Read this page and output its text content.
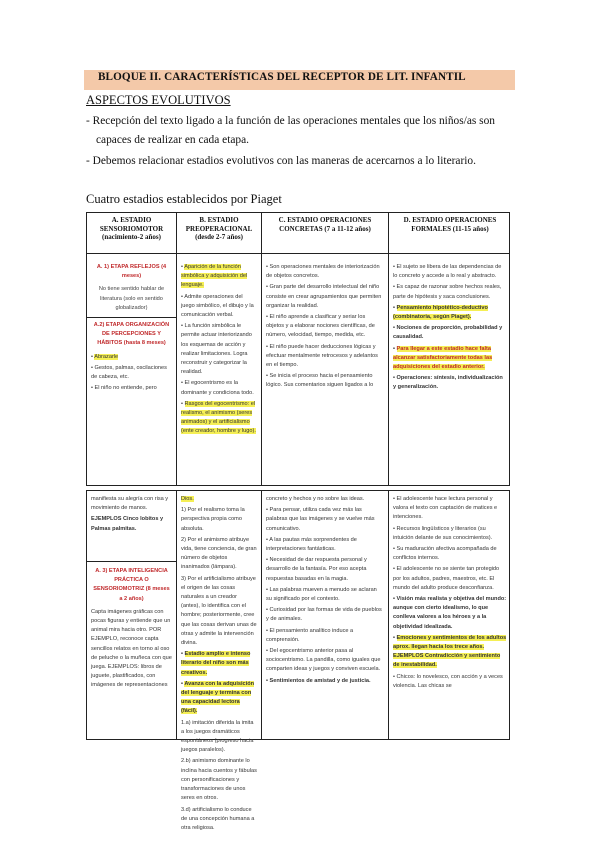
BLOQUE II. CARACTERÍSTICAS DEL RECEPTOR DE LIT. INFANTIL
ASPECTOS EVOLUTIVOS
- Recepción del texto ligado a la función de las operaciones mentales que los niños/as son
capaces de realizar en cada etapa.
- Debemos relacionar estadios evolutivos con las maneras de acercarnos a lo literario.
Cuatro estadios establecidos por Piaget
A. ESTADIO SENSORIOMOTOR (nacimiento-2 años)

A. 1) ETAPA REFLEJOS (4 meses)

No tiene sentido hablar de literatura (solo en sentido globalizador)

A.2) ETAPA ORGANIZACIÓN DE PERCEPCIONES Y HÁBITOS (hasta 8 meses)

• Abrazarle

• Gestos, palmas, oscilaciones de cabeza, etc.

• El niño no entiende, pero

B. ESTADIO PREOPERACIONAL (desde 2-7 años)

• Aparición de la función simbólica y adquisición del lenguaje.

• Admite operaciones del juego simbólico, el dibujo y la comunicación verbal.

• La función simbólica le permite actuar interiorizando los esquemas de acción y realizar limitaciones. Logra reconstruir y categorizar la realidad.

• El egocentrismo es la dominante y condiciona todo.

• Rasgos del egocentrismo: el realismo, el animismo (seres animados) y el artificialismo (ente creador, hombre y lugo).

C. ESTADIO OPERACIONES CONCRETAS (7 a 11-12 años)

• Son operaciones mentales de interiorización de objetos concretos.

• Gran parte del desarrollo intelectual del niño consiste en crear agrupamientos que permiten organizar la realidad.

• El niño aprende a clasificar y seriar los objetos y a elaborar nociones científicas, de número, velocidad, tiempo, medida, etc.

• El niño puede hacer deducciones lógicas y efectuar mentalmente retrocesos y adelantos en el tiempo.

• Se inicia el proceso hacia el pensamiento lógico. Sus comentarios siguen ligados a lo

D. ESTADIO OPERACIONES FORMALES (11-15 años)

• El sujeto se libera de las dependencias de lo concreto y accede a lo real y abstracto.

• Es capaz de razonar sobre hechos reales, parte de hipótesis y saca conclusiones.

• Pensamiento hipotético-deductivo (combinatoria, según Piaget).

• Nociones de proporción, probabilidad y causalidad.

• Para llegar a este estadio hace falta alcanzar satisfactoriamente todas las adquisiciones del estadio anterior.

• Operaciones: síntesis, individualización y generalización.

manifiesta su alegría con risa y movimiento de manos.

EJEMPLOS Cinco lobitos y Palmas palmitas.

A. 3) ETAPA INTELIGENCIA PRÁCTICA O SENSORIOMOTRIZ (8 meses a 2 años)

Capta imágenes gráficas con pocas figuras y entiende que un animal mira hacia otro. POR EJEMPLO, reconoce capta sencillos relatos en torno al oso de peluche o la muñeca con que juega. EJEMPLOS: libros de juguete, plastificados, con imágenes de representaciones

Dios.

1) Por el realismo toma la perspectiva propia como absoluta.

2) Por el animismo atribuye vida, tiene conciencia, de gran número de objetos inanimados (lámpara).

3) Por el artificialismo atribuye el origen de las cosas naturales a un creador (antes), lo identifica con el hombre; posteriormente, cree que las cosas derivan unas de otras y admite la intervención divina.

• Estadio amplio e intenso literario del niño son más creativos.

• Avanza con la adquisición del lenguaje y termina con una capacidad lectora (fácil).

1.a) imitación diferida la imita a los juegos dramáticos espontáneos (progreso hacia juegos paralelos).

2.b) animismo dominante lo inclina hacia cuentos y fábulas con personificaciones y transformaciones de unos seres en otros.

3.d) artificialismo lo conduce de una concepción humana a otra religiosa.

concreto y hechos y no sobre las ideas.

• Para pensar, utiliza cada vez más las palabras que las imágenes y se vuelve más comunicativo.

• A las pautas más sorprendentes de interpretaciones fantásticas.

• Necesidad de dar respuesta personal y desarrollo de la fantasía. Por eso acepta respuestas basadas en la magia.

• Las palabras mueven a menudo se aclaran su significado por el contexto.

• Curiosidad por las formas de vida de pueblos y de animales.

• El pensamiento analítico induce a comprensión.

• Del egocentrismo anterior pasa al sociocentrismo. La pandilla, como iguales que comparten ideas y juegos y conviven escuela.

• Sentimientos de amistad y de justicia.

• El adolescente hace lectura personal y valora el texto con captación de matices e intenciones.

• Recursos lingüísticos y literarios (su intuición delante de sus conocimientos).

• Su maduración afectiva acompañada de conflictos internos.

• El adolescente no se siente tan protegido por los adultos, padres, maestros, etc. El mundo del adulto produce desconfianza.

• Visión más realista y objetiva del mundo: aunque con cierto idealismo, lo que conlleva valores a los héroes y a la objetividad idealizada.

• Emociones y sentimientos de los adultos aprox. llegan hacia los trece años. EJEMPLOS Contradicción y sentimiento de inestabilidad.

• Chicos: lo novelesco, con acción y a veces violencia. Las chicas se
